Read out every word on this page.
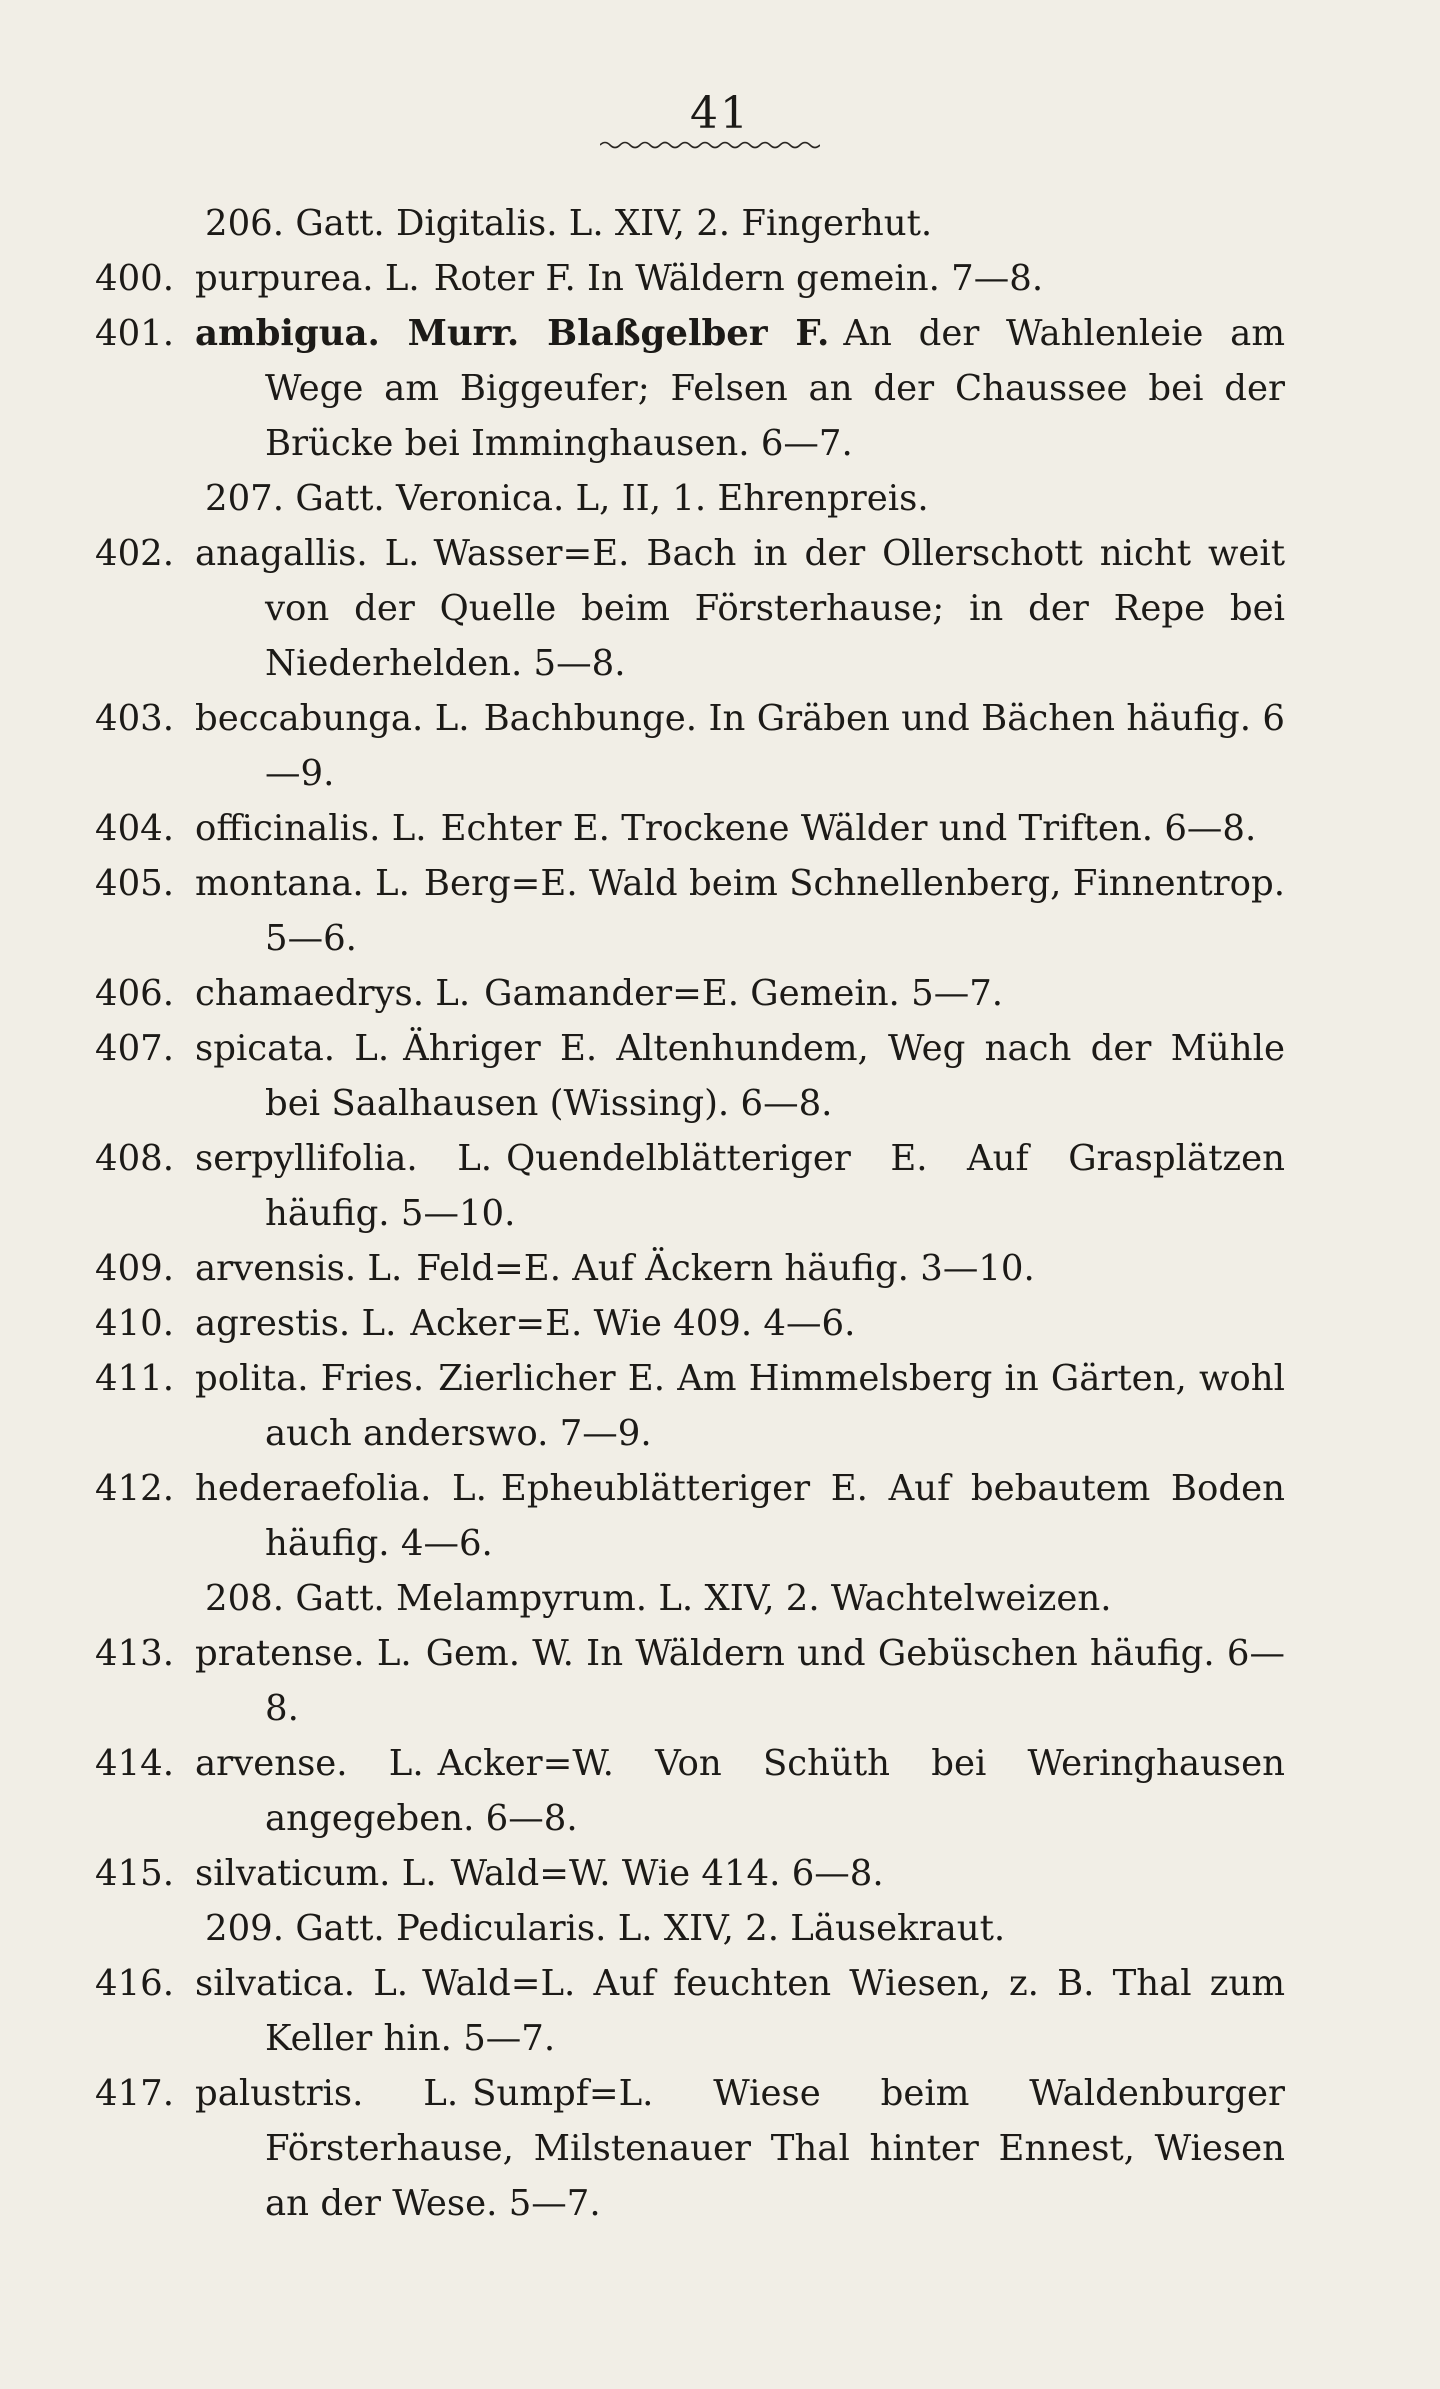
41
206. Gatt. Digitalis. L. XIV, 2. Fingerhut.
400. purpurea. L. Roter F. In Wäldern gemein. 7—8.
401. ambigua. Murr. Blaßgelber F. An der Wahlenleie am Wege am Biggeufer; Felsen an der Chaussee bei der Brücke bei Imminghausen. 6—7.
207. Gatt. Veronica. L, II, 1. Ehrenpreis.
402. anagallis. L. Wasser=E. Bach in der Ollerschott nicht weit von der Quelle beim Försterhause; in der Repe bei Niederhelden. 5—8.
403. beccabunga. L. Bachbunge. In Gräben und Bächen häufig. 6—9.
404. officinalis. L. Echter E. Trockene Wälder und Triften. 6—8.
405. montana. L. Berg=E. Wald beim Schnellenberg, Finnentrop. 5—6.
406. chamaedrys. L. Gamander=E. Gemein. 5—7.
407. spicata. L. Ähriger E. Altenhundem, Weg nach der Mühle bei Saalhausen (Wissing). 6—8.
408. serpyllifolia. L. Quendelblätteriger E. Auf Grasplätzen häufig. 5—10.
409. arvensis. L. Feld=E. Auf Äckern häufig. 3—10.
410. agrestis. L. Acker=E. Wie 409. 4—6.
411. polita. Fries. Zierlicher E. Am Himmelsberg in Gärten, wohl auch anderswo. 7—9.
412. hederaefolia. L. Epheublätteriger E. Auf bebautem Boden häufig. 4—6.
208. Gatt. Melampyrum. L. XIV, 2. Wachtelweizen.
413. pratense. L. Gem. W. In Wäldern und Gebüschen häufig. 6—8.
414. arvense. L. Acker=W. Von Schüth bei Weringhausen angegeben. 6—8.
415. silvaticum. L. Wald=W. Wie 414. 6—8.
209. Gatt. Pedicularis. L. XIV, 2. Läusekraut.
416. silvatica. L. Wald=L. Auf feuchten Wiesen, z. B. Thal zum Keller hin. 5—7.
417. palustris. L. Sumpf=L. Wiese beim Waldenburger Försterhause, Milstenauer Thal hinter Ennest, Wiesen an der Wese. 5—7.
